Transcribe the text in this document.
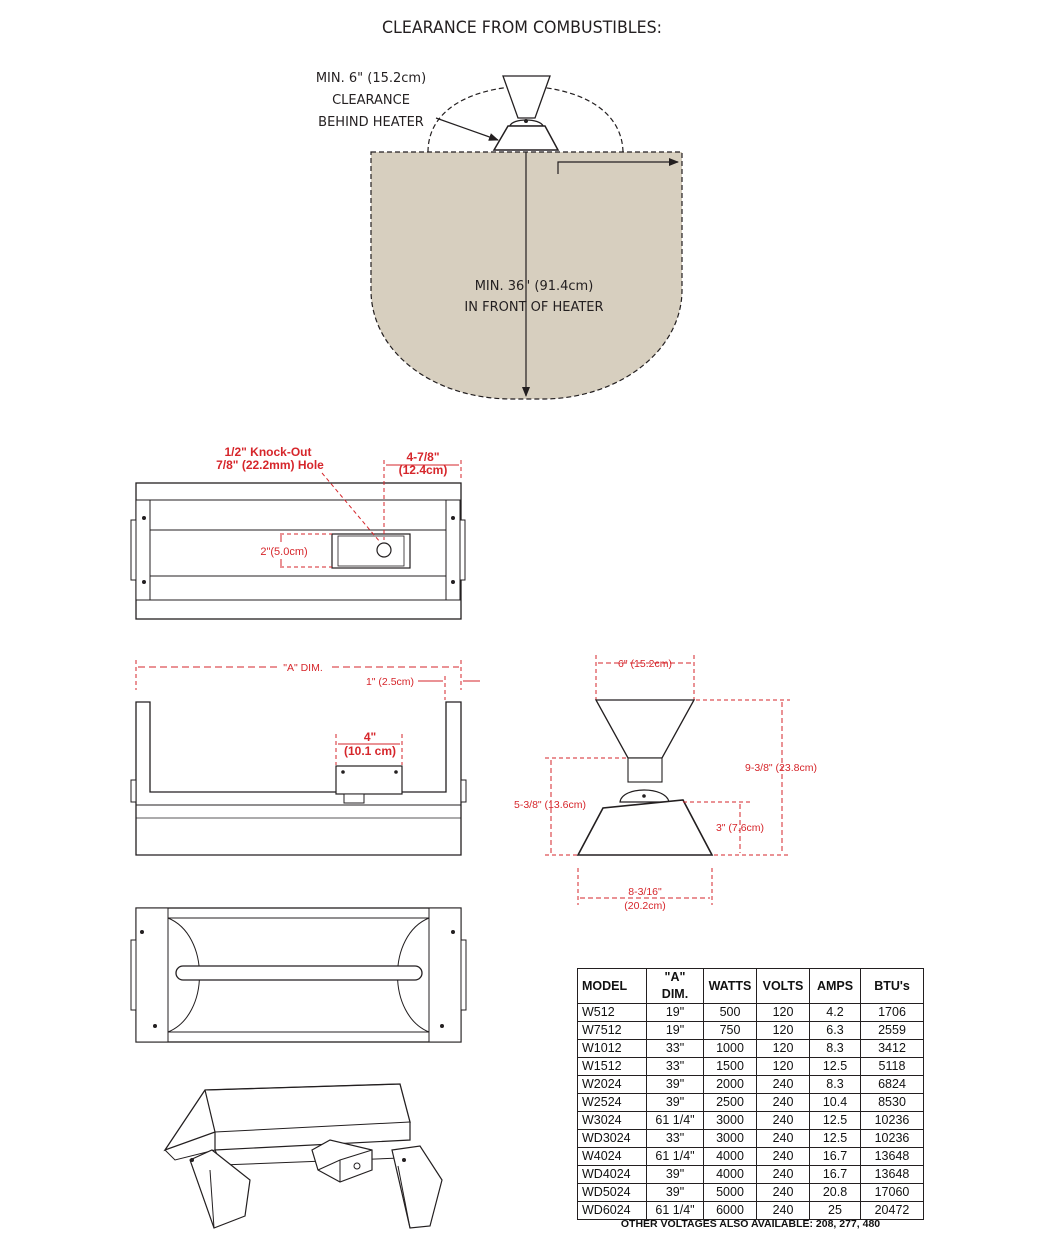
CLEARANCE FROM COMBUSTIBLES:
MIN. 6" (15.2cm)
CLEARANCE
BEHIND HEATER
MIN. 36" (91.4cm)
IN FRONT OF HEATER
1/2" Knock-Out
7/8" (22.2mm) Hole
4-7/8"
(12.4cm)
2"(5.0cm)
"A" DIM.
1" (2.5cm)
4"
(10.1 cm)
6" (15.2cm)
9-3/8" (23.8cm)
5-3/8" (13.6cm)
3" (7.6cm)
8-3/16"
(20.2cm)
MODEL	"A" DIM.	WATTS	VOLTS	AMPS	BTU's
W512	19"	500	120	4.2	1706
W7512	19"	750	120	6.3	2559
W1012	33"	1000	120	8.3	3412
W1512	33"	1500	120	12.5	5118
W2024	39"	2000	240	8.3	6824
W2524	39"	2500	240	10.4	8530
W3024	61 1/4"	3000	240	12.5	10236
WD3024	33"	3000	240	12.5	10236
W4024	61 1/4"	4000	240	16.7	13648
WD4024	39"	4000	240	16.7	13648
WD5024	39"	5000	240	20.8	17060
WD6024	61 1/4"	6000	240	25	20472
OTHER VOLTAGES ALSO AVAILABLE: 208, 277, 480
